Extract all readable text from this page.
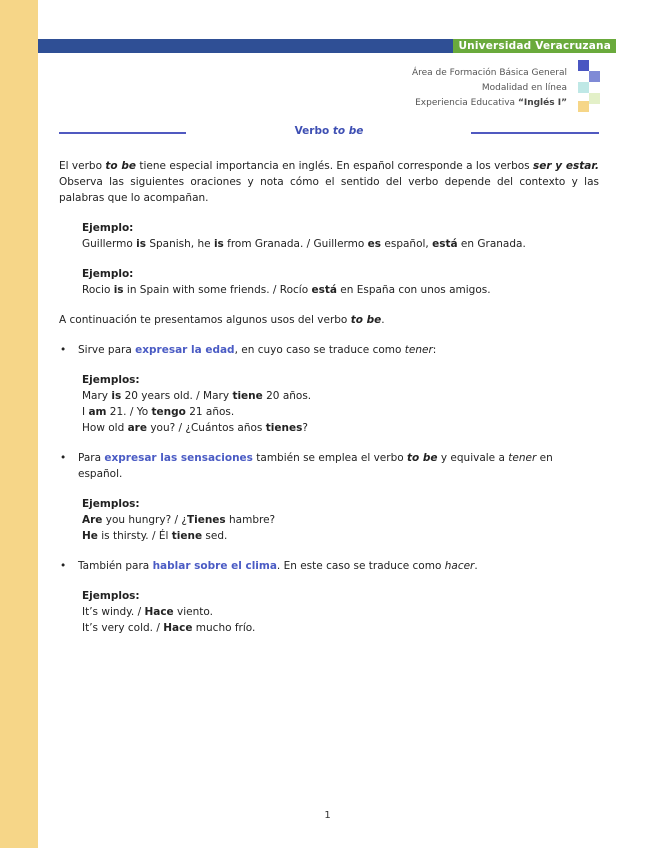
Universidad Veracruzana
Área de Formación Básica General
Modalidad en línea
Experiencia Educativa “Inglés I”
Verbo to be

El verbo to be tiene especial importancia en inglés. En español corresponde a los verbos ser y estar. Observa las siguientes oraciones y nota cómo el sentido del verbo depende del contexto y las palabras que lo acompañan.

Ejemplo:

Guillermo is Spanish, he is from Granada. / Guillermo es español, está en Granada.

Ejemplo:

Rocio is in Spain with some friends. / Rocío está en España con unos amigos.

A continuación te presentamos algunos usos del verbo to be.

• Sirve para expresar la edad, en cuyo caso se traduce como tener:

Ejemplos:

Mary is 20 years old. / Mary tiene 20 años.

I am 21. / Yo tengo 21 años.

How old are you? / ¿Cuántos años tienes?

• Para expresar las sensaciones también se emplea el verbo to be y equivale a tener en español.

Ejemplos:

Are you hungry? / ¿Tienes hambre?

He is thirsty. / Él tiene sed.

• También para hablar sobre el clima. En este caso se traduce como hacer.

Ejemplos:

It’s windy. / Hace viento.

It’s very cold. / Hace mucho frío.

1
